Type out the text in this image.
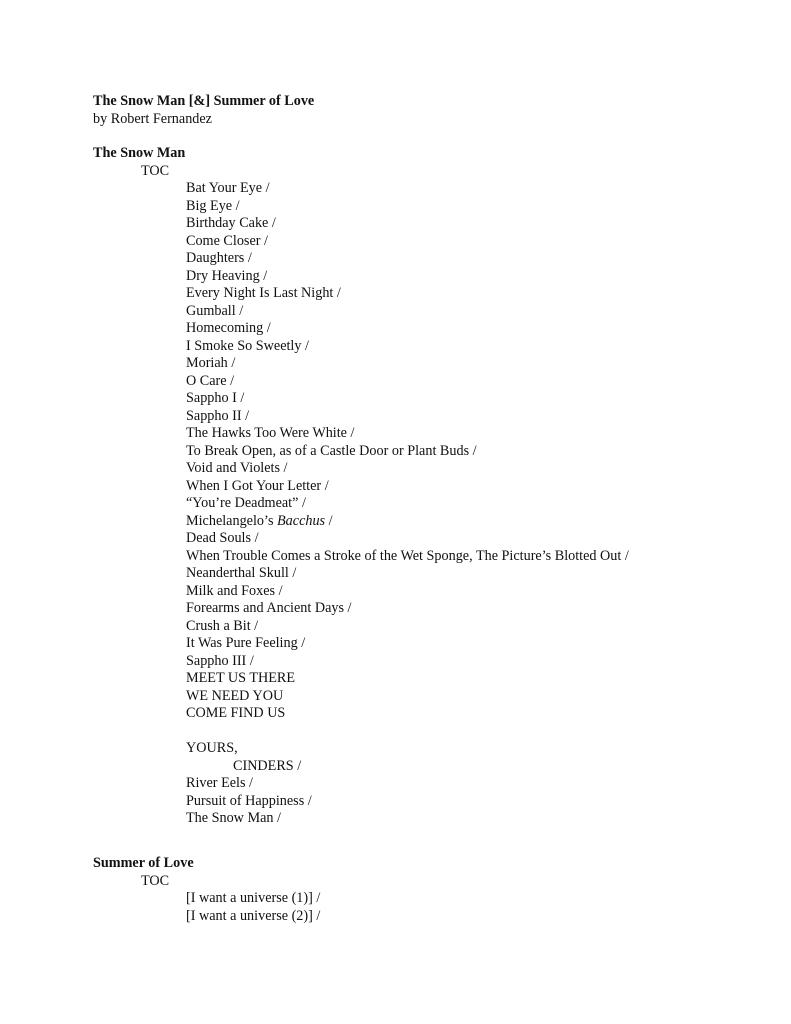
The Snow Man [&] Summer of Love
by Robert Fernandez
The Snow Man
TOC
Bat Your Eye /
Big Eye /
Birthday Cake /
Come Closer /
Daughters /
Dry Heaving /
Every Night Is Last Night /
Gumball /
Homecoming /
I Smoke So Sweetly /
Moriah /
O Care /
Sappho I /
Sappho II /
The Hawks Too Were White /
To Break Open, as of a Castle Door or Plant Buds /
Void and Violets /
When I Got Your Letter /
“You’re Deadmeat” /
Michelangelo’s Bacchus /
Dead Souls /
When Trouble Comes a Stroke of the Wet Sponge, The Picture’s Blotted Out /
Neanderthal Skull /
Milk and Foxes /
Forearms and Ancient Days /
Crush a Bit /
It Was Pure Feeling /
Sappho III /
MEET US THERE
WE NEED YOU
COME FIND US
YOURS,
CINDERS /
River Eels /
Pursuit of Happiness /
The Snow Man /
Summer of Love
TOC
[I want a universe (1)] /
[I want a universe (2)] /
